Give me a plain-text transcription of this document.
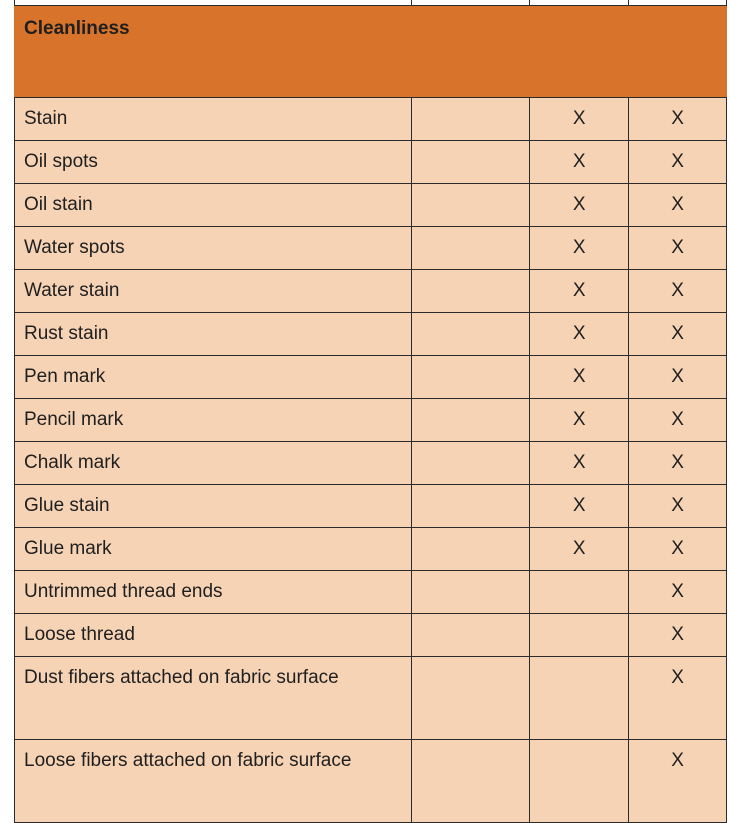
Cleanliness			
Stain		X	X
Oil spots		X	X
Oil stain		X	X
Water spots		X	X
Water stain		X	X
Rust stain		X	X
Pen mark		X	X
Pencil mark		X	X
Chalk mark		X	X
Glue stain		X	X
Glue mark		X	X
Untrimmed thread ends			X
Loose thread			X
Dust fibers attached on fabric surface			X
Loose fibers attached on fabric surface			X
